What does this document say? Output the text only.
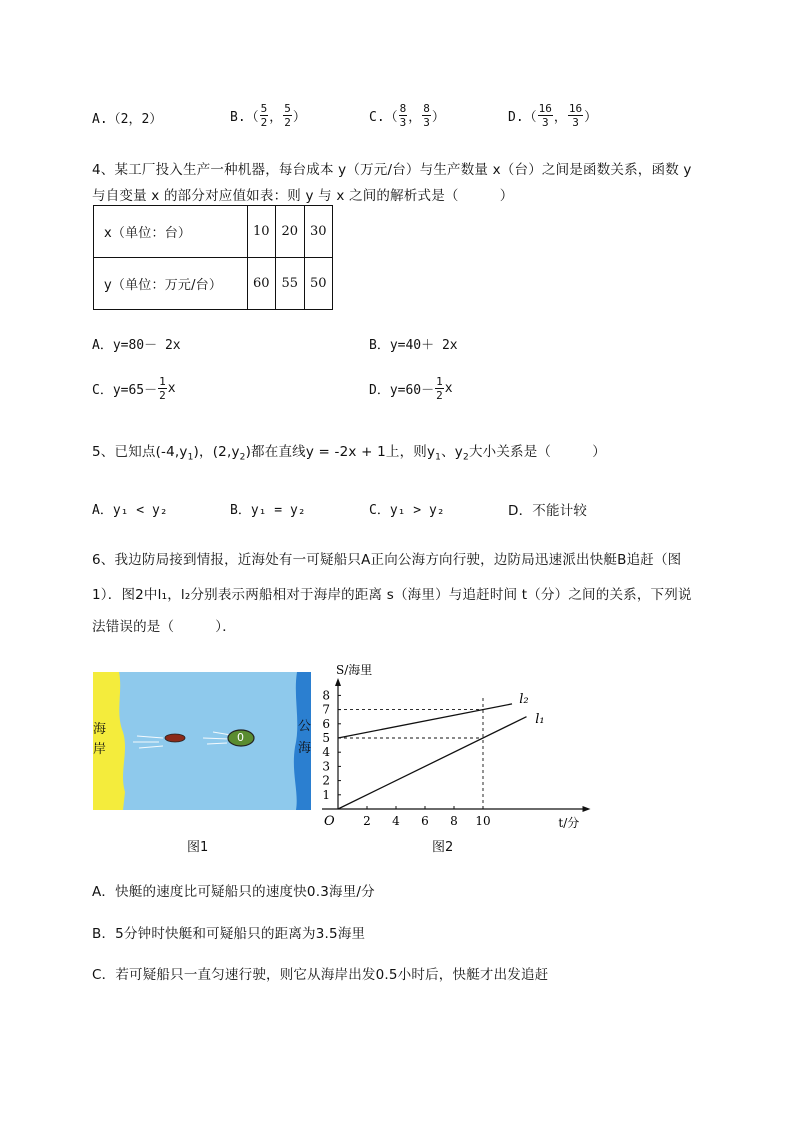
A.（2，2）	$B.( \frac{5}{2}$ ， $\frac{5}{2}$ ）	$C.( \frac{8}{3}$ ， $\frac{8}{3}$ ）	$D.( \frac{16}{3}$ ， $\frac{16}{3}$ ）
4、某工厂投入生产一种机器，每台成本 y（万元/台）与生产数量 x（台）之间是函数关系，函数 y
与自变量 x 的部分对应值如表：则 y 与 x 之间的解析式是（　　　）
x（单位：台）	10	20	30
y（单位：万元/台）	60	55	50
A．y=80－ 2x	B．y=40＋ 2x
C．$y=65- \frac{1}{2}$ x	D．$y=60- \frac{1}{2}$ x
5、已知点$(-4,y_1)$，$(2,y_2)$都在直线y = -2x + 1上，则$y_1$、$y_2$大小关系是（　　　）
A．y₁ < y₂	B．y₁ = y₂	C．y₁ > y₂	D．不能计较
6、我边防局接到情报，近海处有一可疑船只A正向公海方向行驶，边防局迅速派出快艇B追赶（图
1）．图2中l₁，l₂分别表示两船相对于海岸的距离 s（海里）与追赶时间 t（分）之间的关系，下列说
法错误的是（　　　）．
海
岸
公
海
0
图1
2 4 6 8 10
1
2
3
4
5
6
7
8	l₂
l₁
S/海里
t/分
O
图2
A．快艇的速度比可疑船只的速度快0.3海里/分
B．5分钟时快艇和可疑船只的距离为3.5海里
C．若可疑船只一直匀速行驶，则它从海岸出发0.5小时后，快艇才出发追赶
